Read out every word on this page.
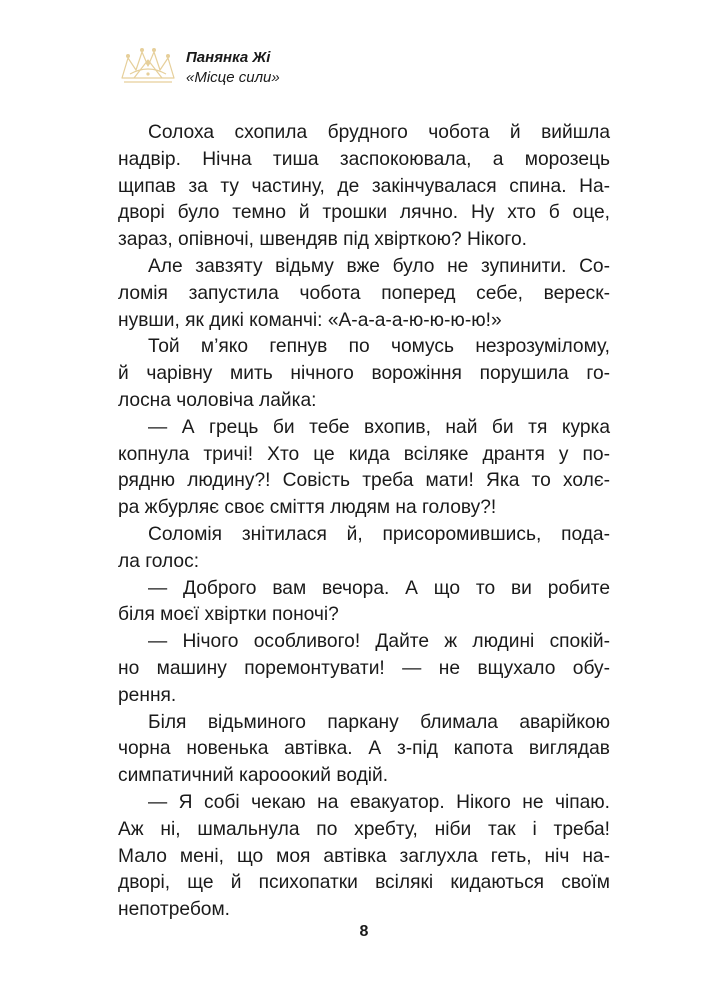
Панянка Жі
«Місце сили»
Солоха схопила брудного чобота й вийшла
надвір. Нічна тиша заспокоювала, а морозець
щипав за ту частину, де закінчувалася спина. На-
дворі було темно й трошки лячно. Ну хто б оце,
зараз, опівночі, швендяв під хвірткою? Нікого.
Але завзяту відьму вже було не зупинити. Со-
ломія запустила чобота поперед себе, вереск-
нувши, як дикі команчі: «А-а-а-а-ю-ю-ю-ю!»
Той м’яко гепнув по чомусь незрозумілому,
й чарівну мить нічного ворожіння порушила го-
лосна чоловіча лайка:
— А грець би тебе вхопив, най би тя курка
копнула тричі! Хто це кида всіляке дрантя у по-
рядню людину?! Совість треба мати! Яка то холє-
ра жбурляє своє сміття людям на голову?!
Соломія знітилася й, присоромившись, пода-
ла голос:
— Доброго вам вечора. А що то ви робите
біля моєї хвіртки поночі?
— Нічого особливого! Дайте ж людині спокій-
но машину поремонтувати! — не вщухало обу-
рення.
Біля відьминого паркану блимала аварійкою
чорна новенька автівка. А з-під капота виглядав
симпатичний карооокий водій.
— Я собі чекаю на евакуатор. Нікого не чіпаю.
Аж ні, шмальнула по хребту, ніби так і треба!
Мало мені, що моя автівка заглухла геть, ніч на-
дворі, ще й психопатки всілякі кидаються своїм
непотребом.
8
